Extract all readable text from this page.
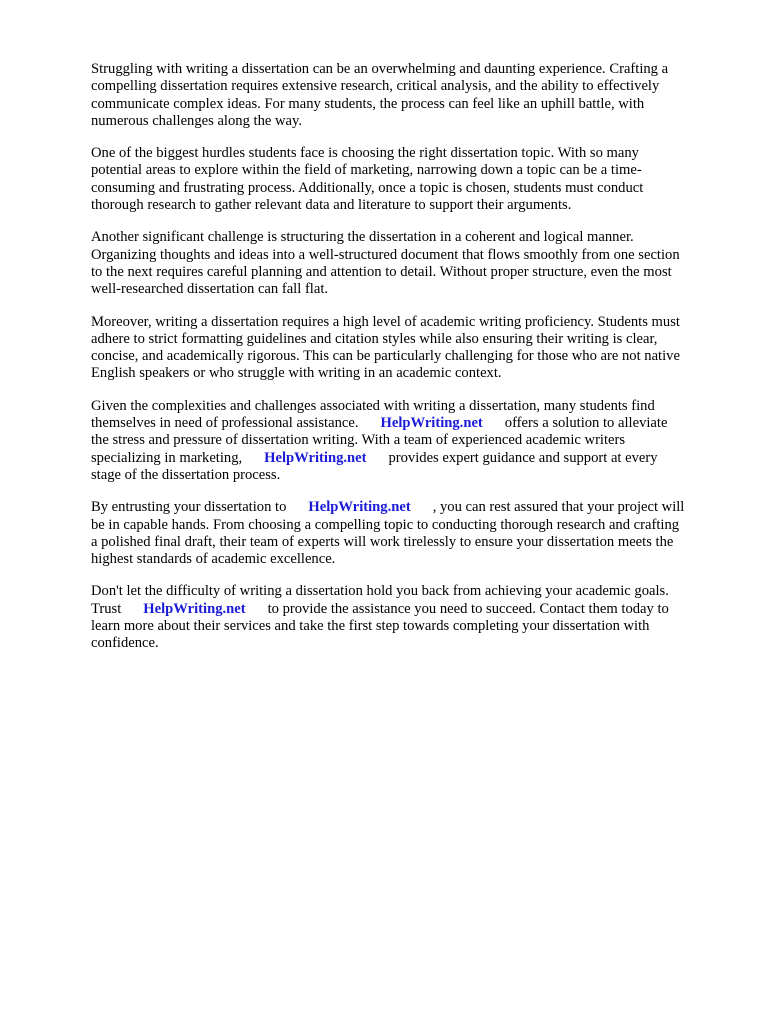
Struggling with writing a dissertation can be an overwhelming and daunting experience. Crafting a
compelling dissertation requires extensive research, critical analysis, and the ability to effectively
communicate complex ideas. For many students, the process can feel like an uphill battle, with
numerous challenges along the way.

One of the biggest hurdles students face is choosing the right dissertation topic. With so many
potential areas to explore within the field of marketing, narrowing down a topic can be a time-
consuming and frustrating process. Additionally, once a topic is chosen, students must conduct
thorough research to gather relevant data and literature to support their arguments.

Another significant challenge is structuring the dissertation in a coherent and logical manner.
Organizing thoughts and ideas into a well-structured document that flows smoothly from one section
to the next requires careful planning and attention to detail. Without proper structure, even the most
well-researched dissertation can fall flat.

Moreover, writing a dissertation requires a high level of academic writing proficiency. Students must
adhere to strict formatting guidelines and citation styles while also ensuring their writing is clear,
concise, and academically rigorous. This can be particularly challenging for those who are not native
English speakers or who struggle with writing in an academic context.

Given the complexities and challenges associated with writing a dissertation, many students find
themselves in need of professional assistance. HelpWriting.net offers a solution to alleviate
the stress and pressure of dissertation writing. With a team of experienced academic writers
specializing in marketing, HelpWriting.net provides expert guidance and support at every
stage of the dissertation process.

By entrusting your dissertation to HelpWriting.net , you can rest assured that your project will
be in capable hands. From choosing a compelling topic to conducting thorough research and crafting
a polished final draft, their team of experts will work tirelessly to ensure your dissertation meets the
highest standards of academic excellence.

Don't let the difficulty of writing a dissertation hold you back from achieving your academic goals.
Trust HelpWriting.net to provide the assistance you need to succeed. Contact them today to
learn more about their services and take the first step towards completing your dissertation with
confidence.
